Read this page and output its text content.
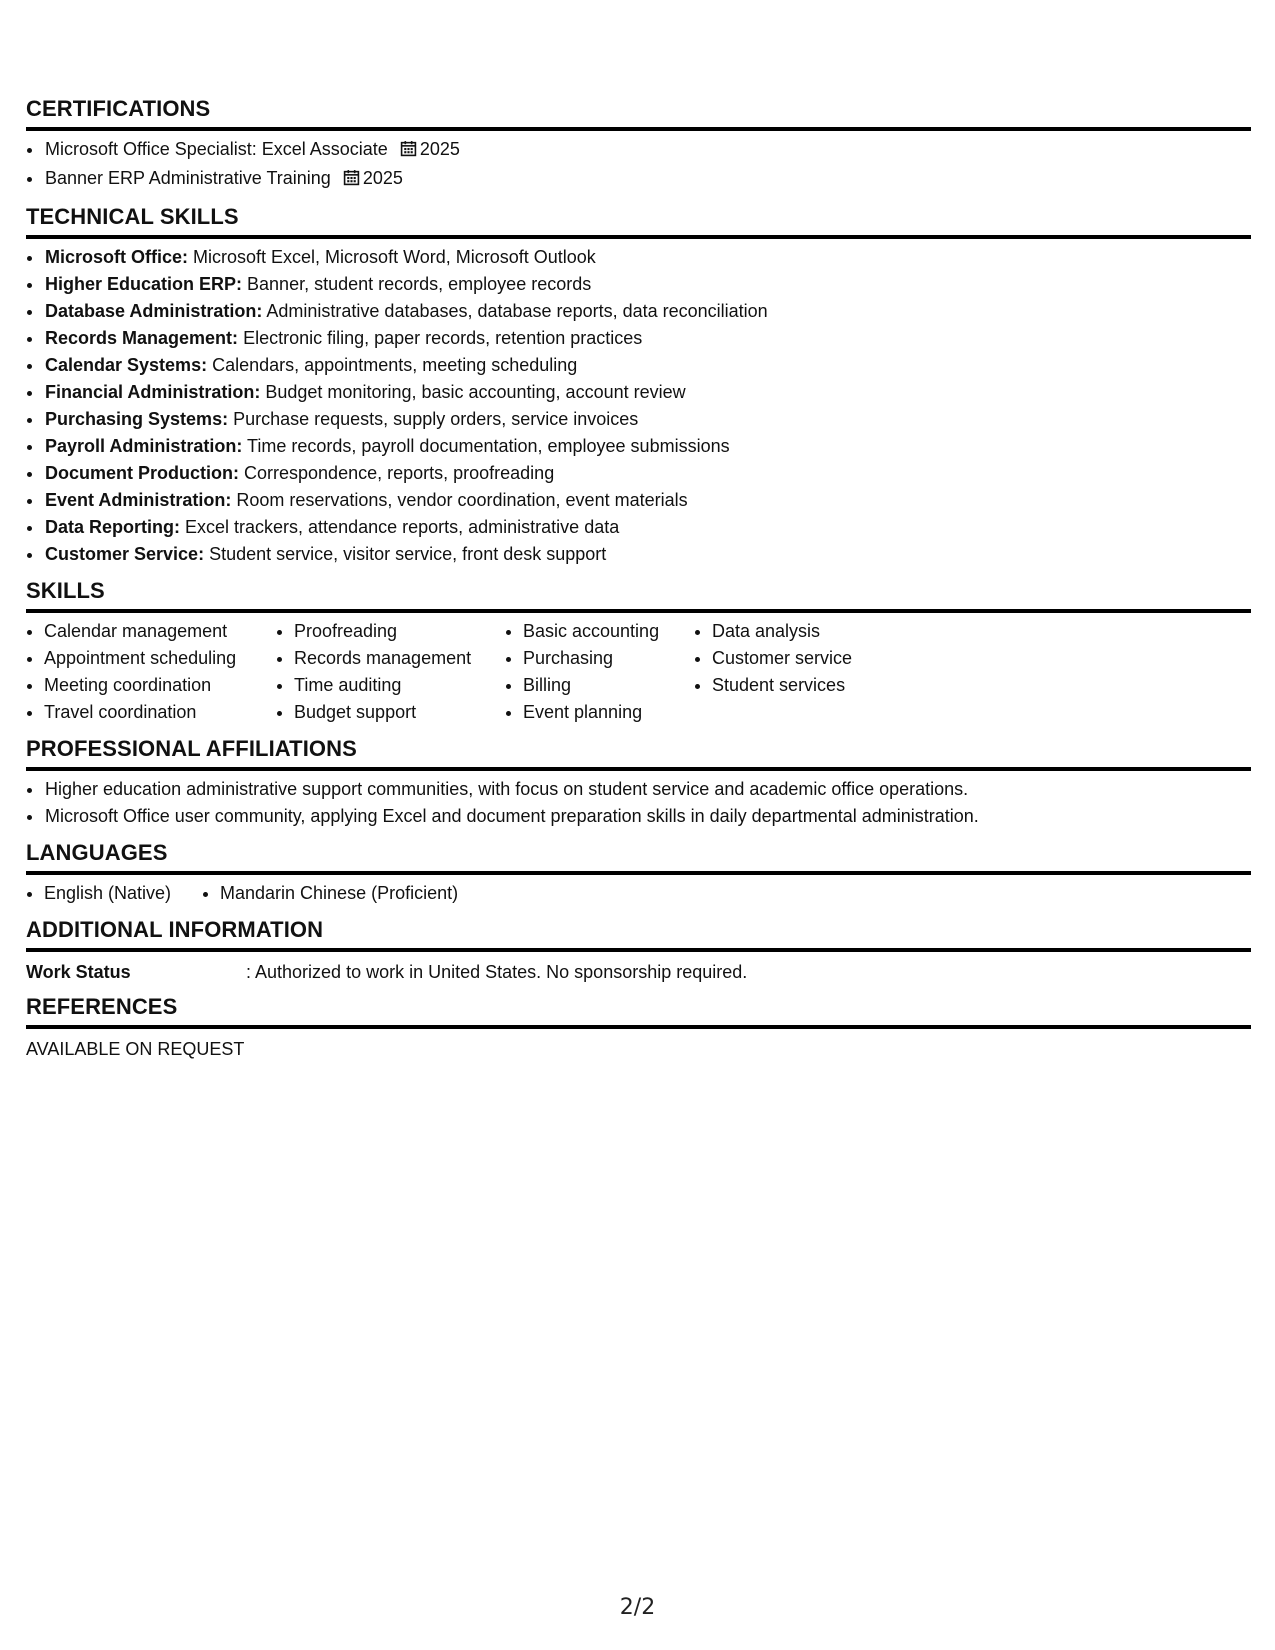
CERTIFICATIONS
• Microsoft Office Specialist: Excel Associate 2025
• Banner ERP Administrative Training 2025
TECHNICAL SKILLS
• Microsoft Office: Microsoft Excel, Microsoft Word, Microsoft Outlook
• Higher Education ERP: Banner, student records, employee records
• Database Administration: Administrative databases, database reports, data reconciliation
• Records Management: Electronic filing, paper records, retention practices
• Calendar Systems: Calendars, appointments, meeting scheduling
• Financial Administration: Budget monitoring, basic accounting, account review
• Purchasing Systems: Purchase requests, supply orders, service invoices
• Payroll Administration: Time records, payroll documentation, employee submissions
• Document Production: Correspondence, reports, proofreading
• Event Administration: Room reservations, vendor coordination, event materials
• Data Reporting: Excel trackers, attendance reports, administrative data
• Customer Service: Student service, visitor service, front desk support
SKILLS
• Calendar management
• Appointment scheduling
• Meeting coordination
• Travel coordination
• Proofreading
• Records management
• Time auditing
• Budget support
• Basic accounting
• Purchasing
• Billing
• Event planning
• Data analysis
• Customer service
• Student services
PROFESSIONAL AFFILIATIONS
• Higher education administrative support communities, with focus on student service and academic office operations.
• Microsoft Office user community, applying Excel and document preparation skills in daily departmental administration.
LANGUAGES
• English (Native)
•	Mandarin Chinese (Proficient)
ADDITIONAL INFORMATION
Work Status	: Authorized to work in United States. No sponsorship required.
REFERENCES
AVAILABLE ON REQUEST
2/2
